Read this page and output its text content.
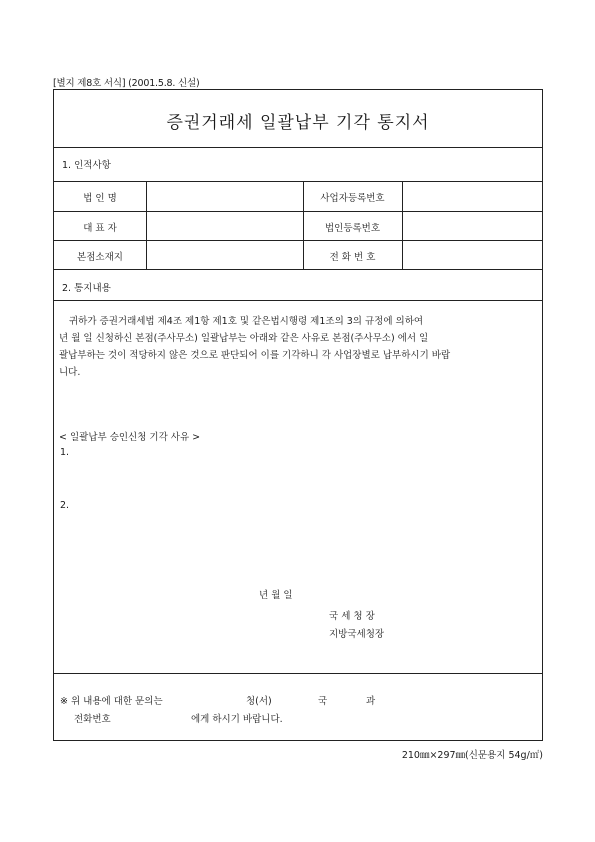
[별지 제8호 서식] (2001.5.8. 신설)
증권거래세 일괄납부 기각 통지서
1. 인적사항
법 인 명	사업자등록번호
대 표 자	법인등록번호
본점소재지	전 화 번 호
2. 통지내용
귀하가 증권거래세법 제4조 제1항 제1호 및 같은법시행령 제1조의 3의 규정에 의하여
년 월 일 신청하신 본점(주사무소) 일괄납부는 아래와 같은 사유로 본점(주사무소) 에서 일
괄납부하는 것이 적당하지 않은 것으로 판단되어 이를 기각하니 각 사업장별로 납부하시기 바랍
니다.
< 일괄납부 승인신청 기각 사유 >
1.
2.
년 월 일
국 세 청 장
지방국세청장
※ 위 내용에 대한 문의는	청(서)	국	과
전화번호	에게 하시기 바랍니다.
210㎜×297㎜(신문용지 54g/㎡)
